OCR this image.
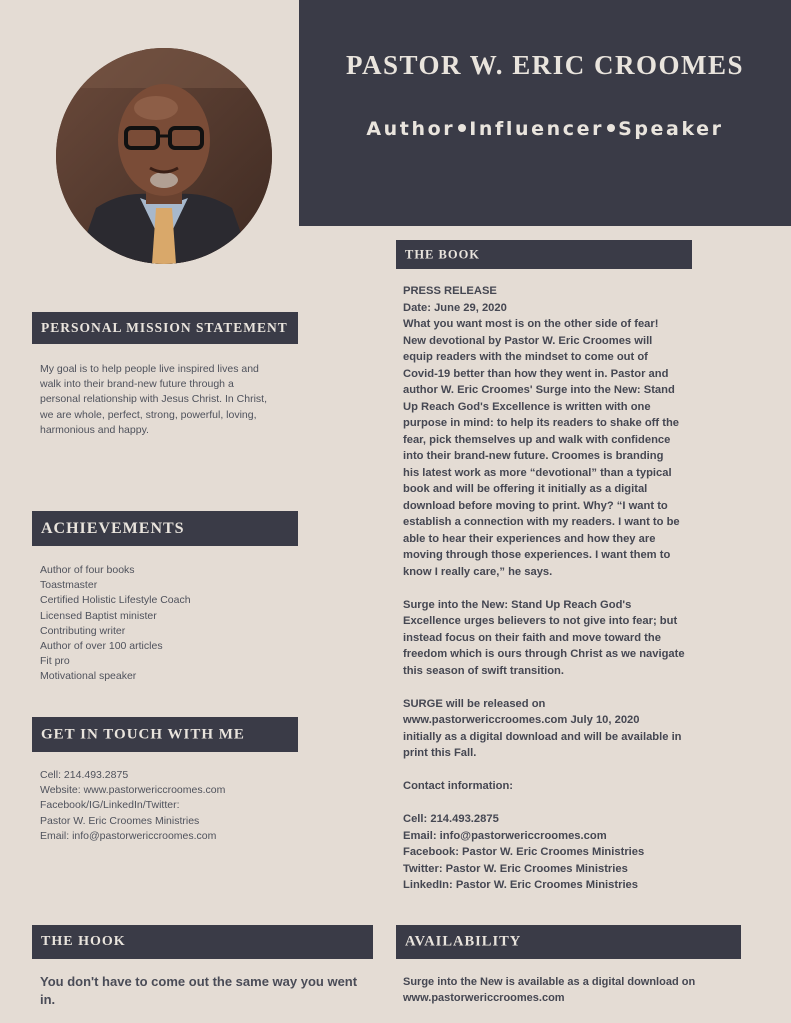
PASTOR W. ERIC CROOMES
Author Influencer Speaker
PERSONAL MISSION STATEMENT
My goal is to help people live inspired lives and
walk into their brand-new future through a
personal relationship with Jesus Christ. In Christ,
we are whole, perfect, strong, powerful, loving,
harmonious and happy.
ACHIEVEMENTS
Author of four books
Toastmaster
Certified Holistic Lifestyle Coach
Licensed Baptist minister
Contributing writer
Author of over 100 articles
Fit pro
Motivational speaker
GET IN TOUCH WITH ME
Cell: 214.493.2875
Website: www.pastorwericcroomes.com
Facebook/IG/LinkedIn/Twitter:
Pastor W. Eric Croomes Ministries
Email: info@pastorwericcroomes.com
THE BOOK
PRESS RELEASE
Date: June 29, 2020
What you want most is on the other side of fear!
New devotional by Pastor W. Eric Croomes will
equip readers with the mindset to come out of
Covid-19 better than how they went in. Pastor and
author W. Eric Croomes' Surge into the New: Stand
Up Reach God's Excellence is written with one
purpose in mind: to help its readers to shake off the
fear, pick themselves up and walk with confidence
into their brand-new future. Croomes is branding
his latest work as more “devotional” than a typical
book and will be offering it initially as a digital
download before moving to print. Why? “I want to
establish a connection with my readers. I want to be
able to hear their experiences and how they are
moving through those experiences. I want them to
know I really care,” he says.
Surge into the New: Stand Up Reach God's
Excellence urges believers to not give into fear; but
instead focus on their faith and move toward the
freedom which is ours through Christ as we navigate
this season of swift transition.
SURGE will be released on
www.pastorwericcroomes.com July 10, 2020
initially as a digital download and will be available in
print this Fall.
Contact information:
Cell: 214.493.2875
Email: info@pastorwericcroomes.com
Facebook: Pastor W. Eric Croomes Ministries
Twitter: Pastor W. Eric Croomes Ministries
LinkedIn: Pastor W. Eric Croomes Ministries
THE HOOK
You don't have to come out the same way you went
in.
AVAILABILITY
Surge into the New is available as a digital download on
www.pastorwericcroomes.com
